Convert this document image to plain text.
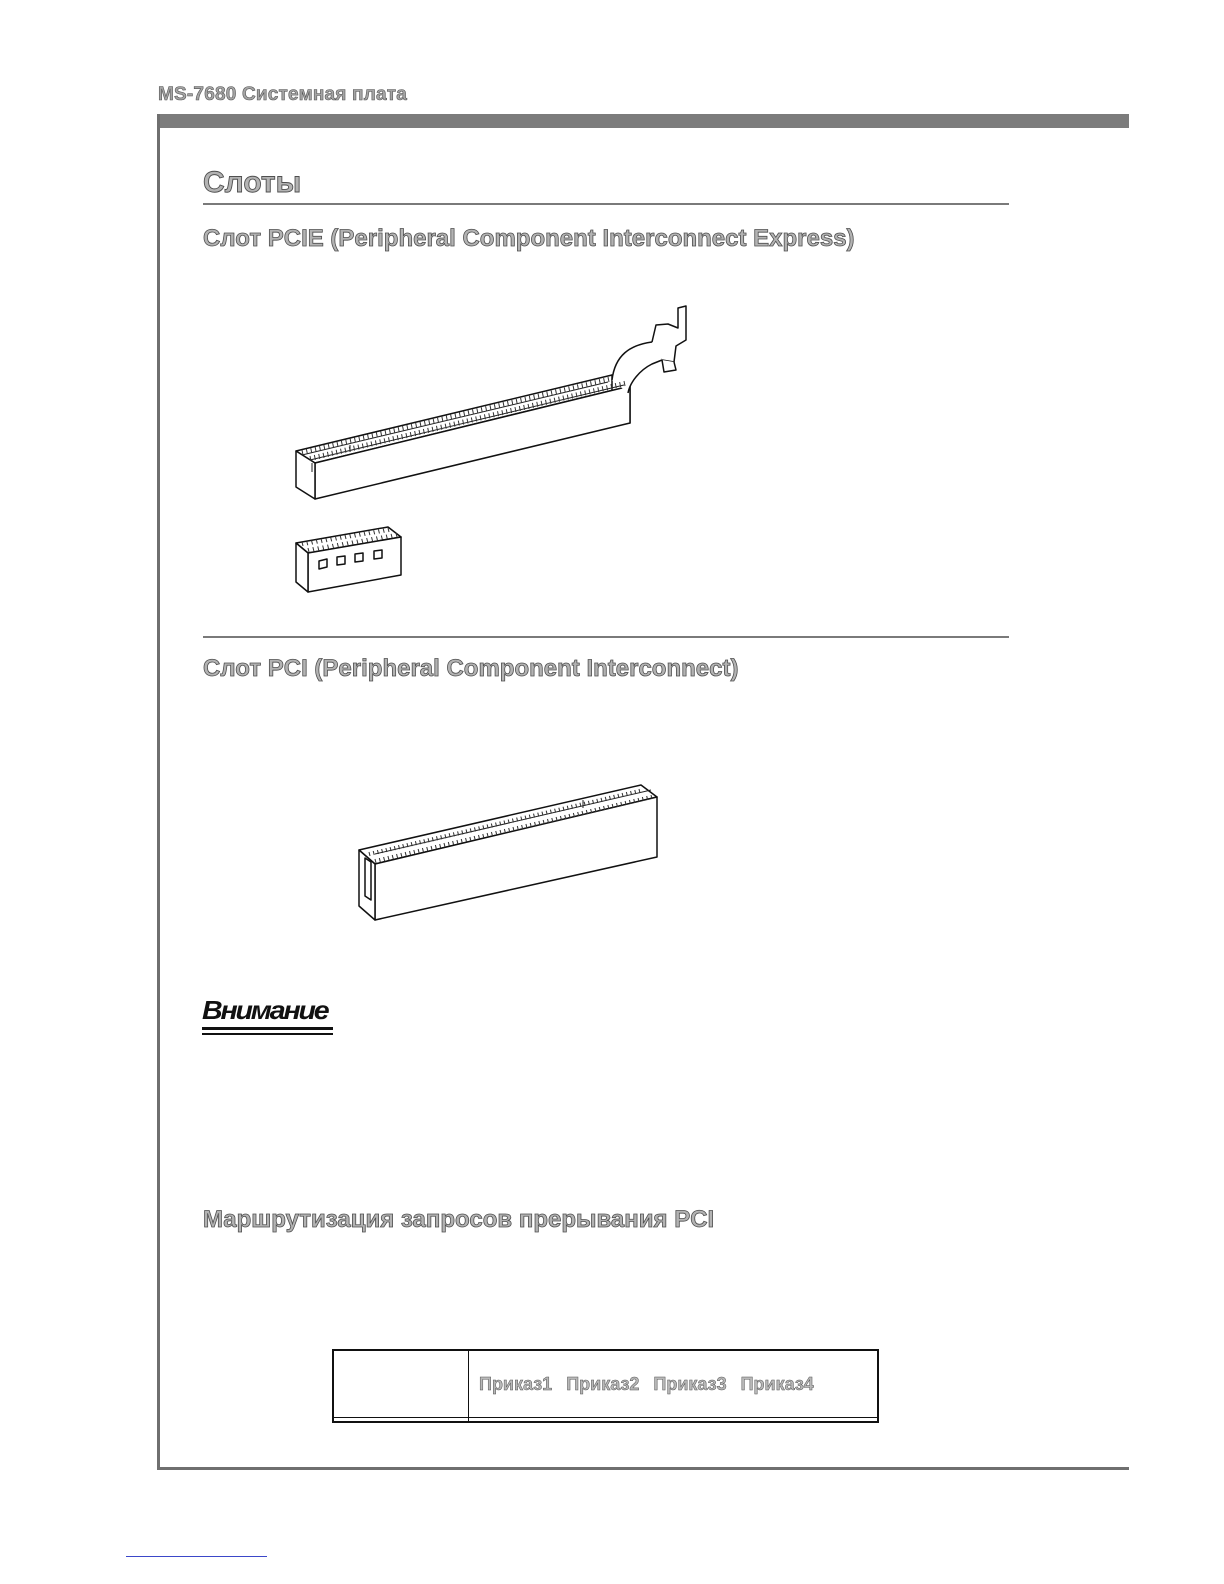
MS-7680 Системная плата
Слоты
Слот PCIE (Peripheral Component Interconnect Express)
Слот PCI (Peripheral Component Interconnect)
Внимание
Маршрутизация запросов прерывания PCI

	Приказ1 Приказ2 Приказ3 Приказ4
